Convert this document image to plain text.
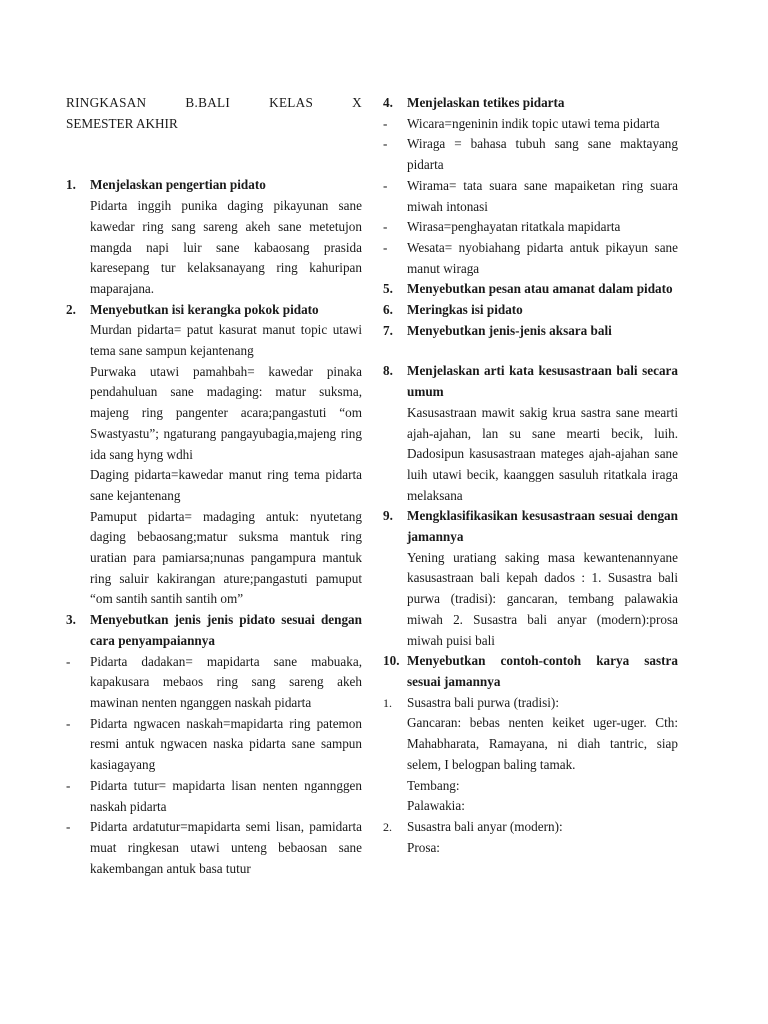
RINGKASAN B.BALI KELAS X

SEMESTER AKHIR

1.	Menjelaskan pengertian pidato

Pidarta inggih punika daging pikayunan sane kawedar ring sang sareng akeh sane metetujon mangda napi luir sane kabaosang prasida karesepang tur kelaksanayang ring kahuripan maparajana.

2.	Menyebutkan isi kerangka pokok pidato

Murdan pidarta= patut kasurat manut topic utawi tema sane sampun kejantenang

Purwaka utawi pamahbah= kawedar pinaka pendahuluan sane madaging: matur suksma, majeng ring pangenter acara;pangastuti “om Swastyastu”; ngaturang pangayubagia,majeng ring ida sang hyng wdhi

Daging pidarta=kawedar manut ring tema pidarta sane kejantenang

Pamuput pidarta= madaging antuk: nyutetang daging bebaosang;matur suksma mantuk ring uratian para pamiarsa;nunas pangampura mantuk ring saluir kakirangan ature;pangastuti pamuput “om santih santih santih om”

3.	Menyebutkan jenis jenis pidato sesuai dengan cara penyampaiannya
-	Pidarta dadakan= mapidarta sane mabuaka, kapakusara mebaos ring sang sareng akeh mawinan nenten nganggen naskah pidarta
-	Pidarta ngwacen naskah=mapidarta ring patemon resmi antuk ngwacen naska pidarta sane sampun kasiagayang
-	Pidarta tutur= mapidarta lisan nenten ngannggen naskah pidarta
-	Pidarta ardatutur=mapidarta semi lisan, pamidarta muat ringkesan utawi unteng bebaosan sane kakembangan antuk basa tutur
4.	Menjelaskan tetikes pidarta
-	Wicara=ngeninin indik topic utawi tema pidarta
-	Wiraga = bahasa tubuh sang sane maktayang pidarta
-	Wirama= tata suara sane mapaiketan ring suara miwah intonasi
-	Wirasa=penghayatan ritatkala mapidarta
-	Wesata= nyobiahang pidarta antuk pikayun sane manut wiraga
5.	Menyebutkan pesan atau amanat dalam pidato
6.	Meringkas isi pidato
7.	Menyebutkan jenis-jenis aksara bali
8.	Menjelaskan arti kata kesusastraan bali secara umum

Kasusastraan mawit sakig krua sastra sane mearti ajah-ajahan, lan su sane mearti becik, luih. Dadosipun kasusastraan mateges ajah-ajahan sane luih utawi becik, kaanggen sasuluh ritatkala iraga melaksana

9.	Mengklasifikasikan kesusastraan sesuai dengan jamannya

Yening uratiang saking masa kewantenannyane kasusastraan bali kepah dados : 1. Susastra bali purwa (tradisi): gancaran, tembang palawakia miwah 2. Susastra bali anyar (modern):prosa miwah puisi bali

10. Menyebutkan contoh-contoh karya sastra sesuai jamannya
1.	Susastra bali purwa (tradisi):

Gancaran: bebas nenten keiket uger-uger. Cth: Mahabharata, Ramayana, ni diah tantric, siap selem, I belogpan baling tamak.

Tembang:

Palawakia:

2.	Susastra bali anyar (modern):

Prosa:
